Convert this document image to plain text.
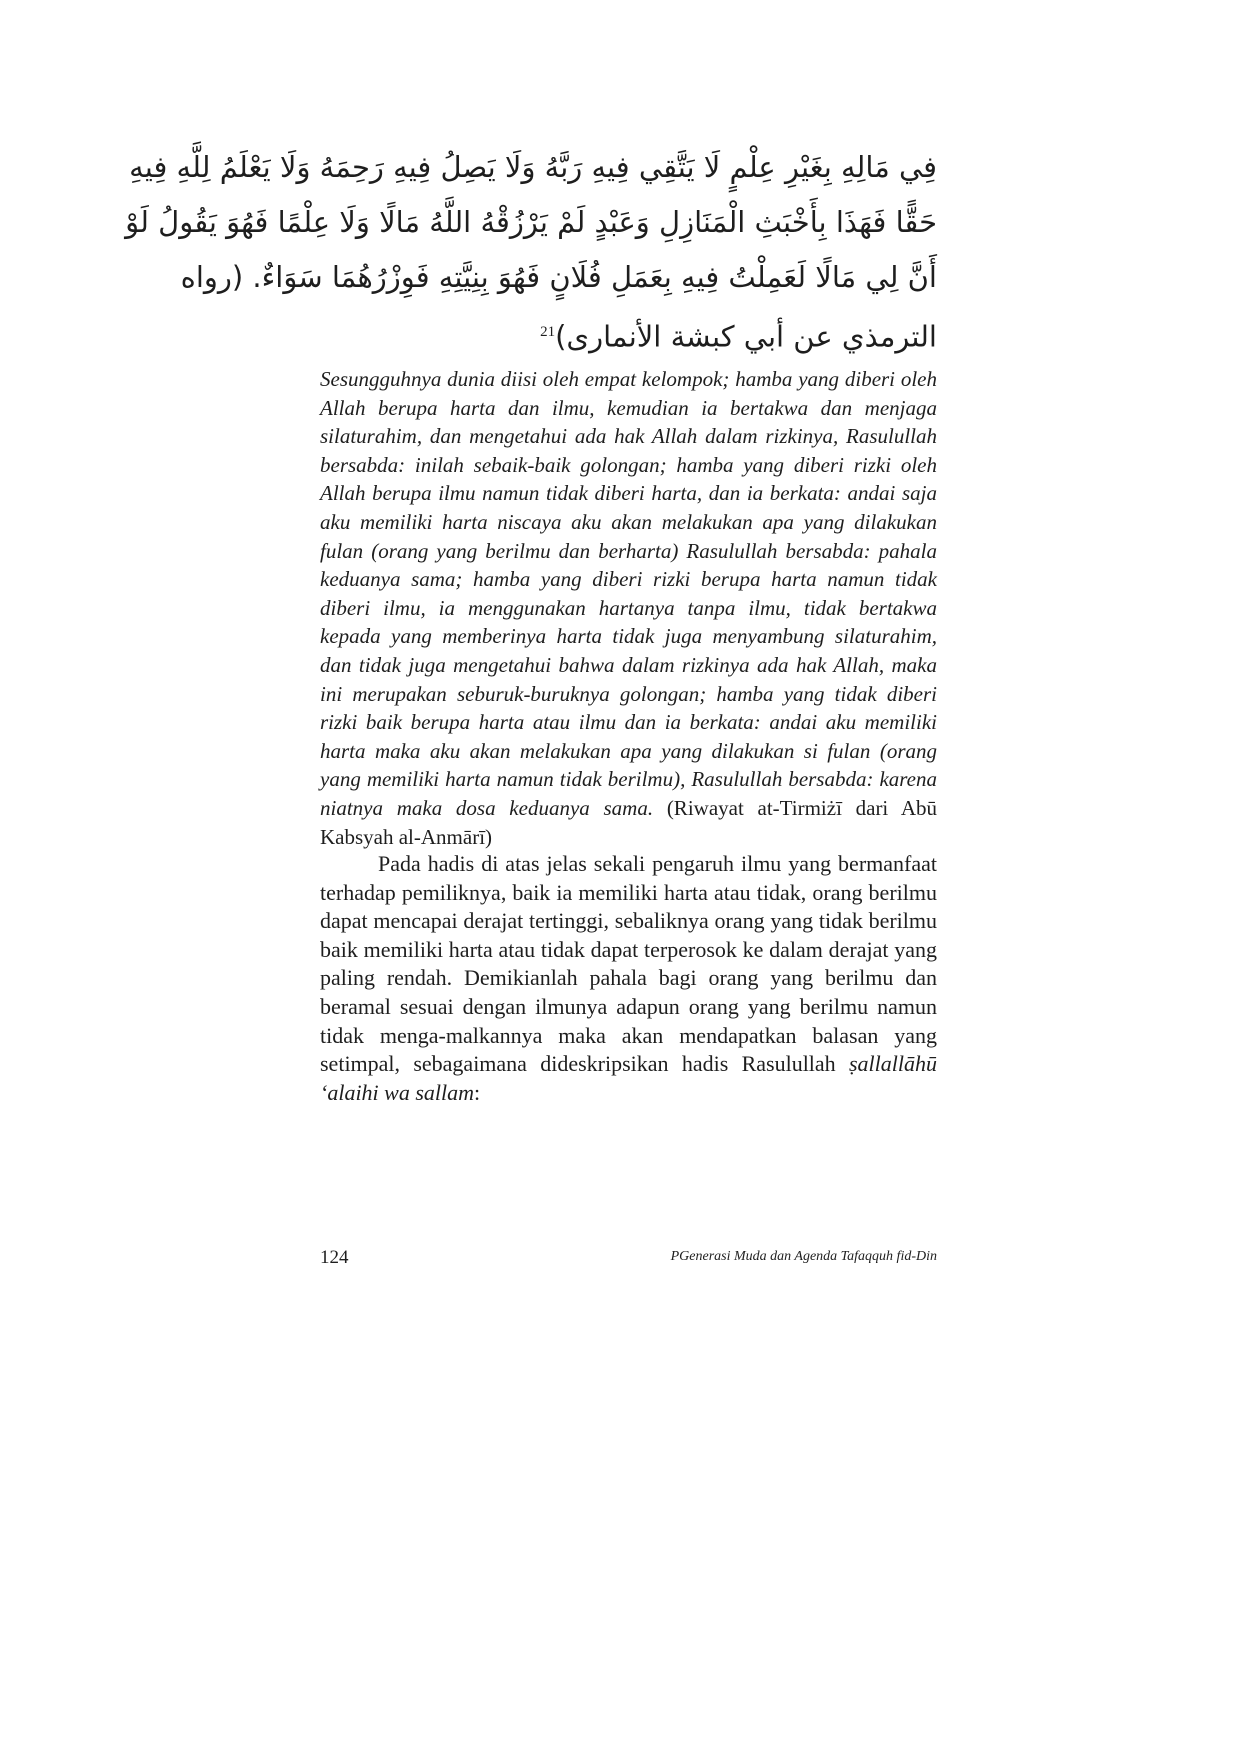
فِي مَالِهِ بِغَيْرِ عِلْمٍ لَا يَتَّقِي فِيهِ رَبَّهُ وَلَا يَصِلُ فِيهِ رَحِمَهُ وَلَا يَعْلَمُ لِلَّهِ فِيهِ
حَقًّا فَهَذَا بِأَخْبَثِ الْمَنَازِلِ وَعَبْدٍ لَمْ يَرْزُقْهُ اللَّهُ مَالًا وَلَا عِلْمًا فَهُوَ يَقُولُ لَوْ
أَنَّ لِي مَالًا لَعَمِلْتُ فِيهِ بِعَمَلِ فُلَانٍ فَهُوَ بِنِيَّتِهِ فَوِزْرُهُمَا سَوَاءٌ. (رواه
الترمذي عن أبي كبشة الأنمارى)$^{21}$
Sesungguhnya dunia diisi oleh empat kelompok; hamba yang diberi oleh Allah berupa harta dan ilmu, kemudian ia bertakwa dan menjaga silaturahim, dan mengetahui ada hak Allah dalam rizkinya, Rasulullah bersabda: inilah sebaik-baik golongan; hamba yang diberi rizki oleh Allah berupa ilmu namun tidak diberi harta, dan ia berkata: andai saja aku memiliki harta niscaya aku akan melakukan apa yang dilakukan fulan (orang yang berilmu dan berharta) Rasulullah bersabda: pahala keduanya sama; hamba yang diberi rizki berupa harta namun tidak diberi ilmu, ia menggunakan hartanya tanpa ilmu, tidak bertakwa kepada yang memberinya harta tidak juga menyambung silaturahim, dan tidak juga mengetahui bahwa dalam rizkinya ada hak Allah, maka ini merupakan seburuk-buruknya golongan; hamba yang tidak diberi rizki baik berupa harta atau ilmu dan ia berkata: andai aku memiliki harta maka aku akan melakukan apa yang dilakukan si fulan (orang yang memiliki harta namun tidak berilmu), Rasulullah bersabda: karena niatnya maka dosa keduanya sama. (Riwayat at-Tirmiżī dari Abū Kabsyah al-Anmārī)
Pada hadis di atas jelas sekali pengaruh ilmu yang bermanfaat terhadap pemiliknya, baik ia memiliki harta atau tidak, orang berilmu dapat mencapai derajat tertinggi, sebaliknya orang yang tidak berilmu baik memiliki harta atau tidak dapat terperosok ke dalam derajat yang paling rendah. Demikianlah pahala bagi orang yang berilmu dan beramal sesuai dengan ilmunya adapun orang yang berilmu namun tidak menga-malkannya maka akan mendapatkan balasan yang setimpal, sebagaimana dideskripsikan hadis Rasulullah ṣallallāhū ‘alaihi wa sallam:
124	PGenerasi Muda dan Agenda Tafaqquh fid-Din
